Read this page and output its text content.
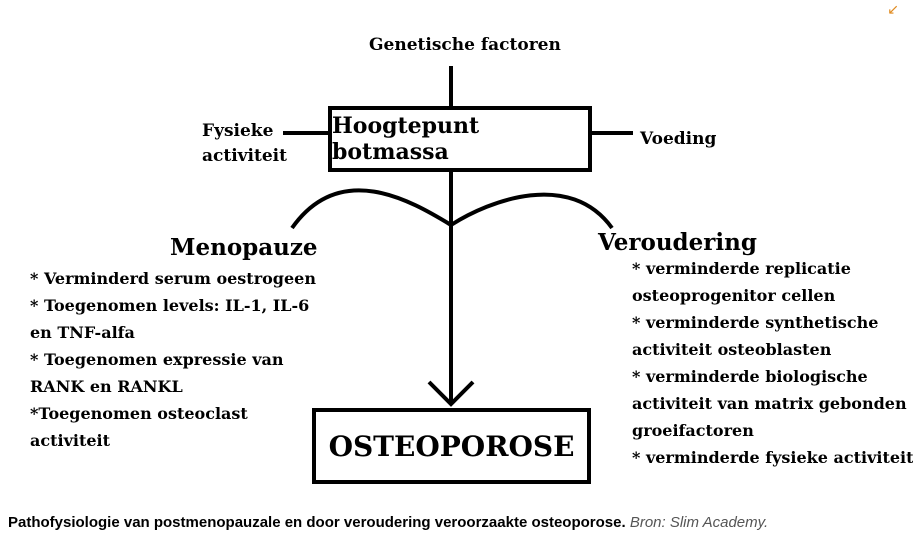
Genetische factoren
Fysieke
activiteit
Voeding
Hoogtepunt botmassa
Menopauze
* Verminderd serum oestrogeen
* Toegenomen levels: IL-1, IL-6
en TNF-alfa
* Toegenomen expressie van
RANK en RANKL
*Toegenomen osteoclast
activiteit
Veroudering
* verminderde replicatie
osteoprogenitor cellen
* verminderde synthetische
activiteit osteoblasten
* verminderde biologische
activiteit van matrix gebonden
groeifactoren
* verminderde fysieke activiteit
OSTEOPOROSE
↙
Pathofysiologie van postmenopauzale en door veroudering veroorzaakte osteoporose. Bron: Slim Academy.
